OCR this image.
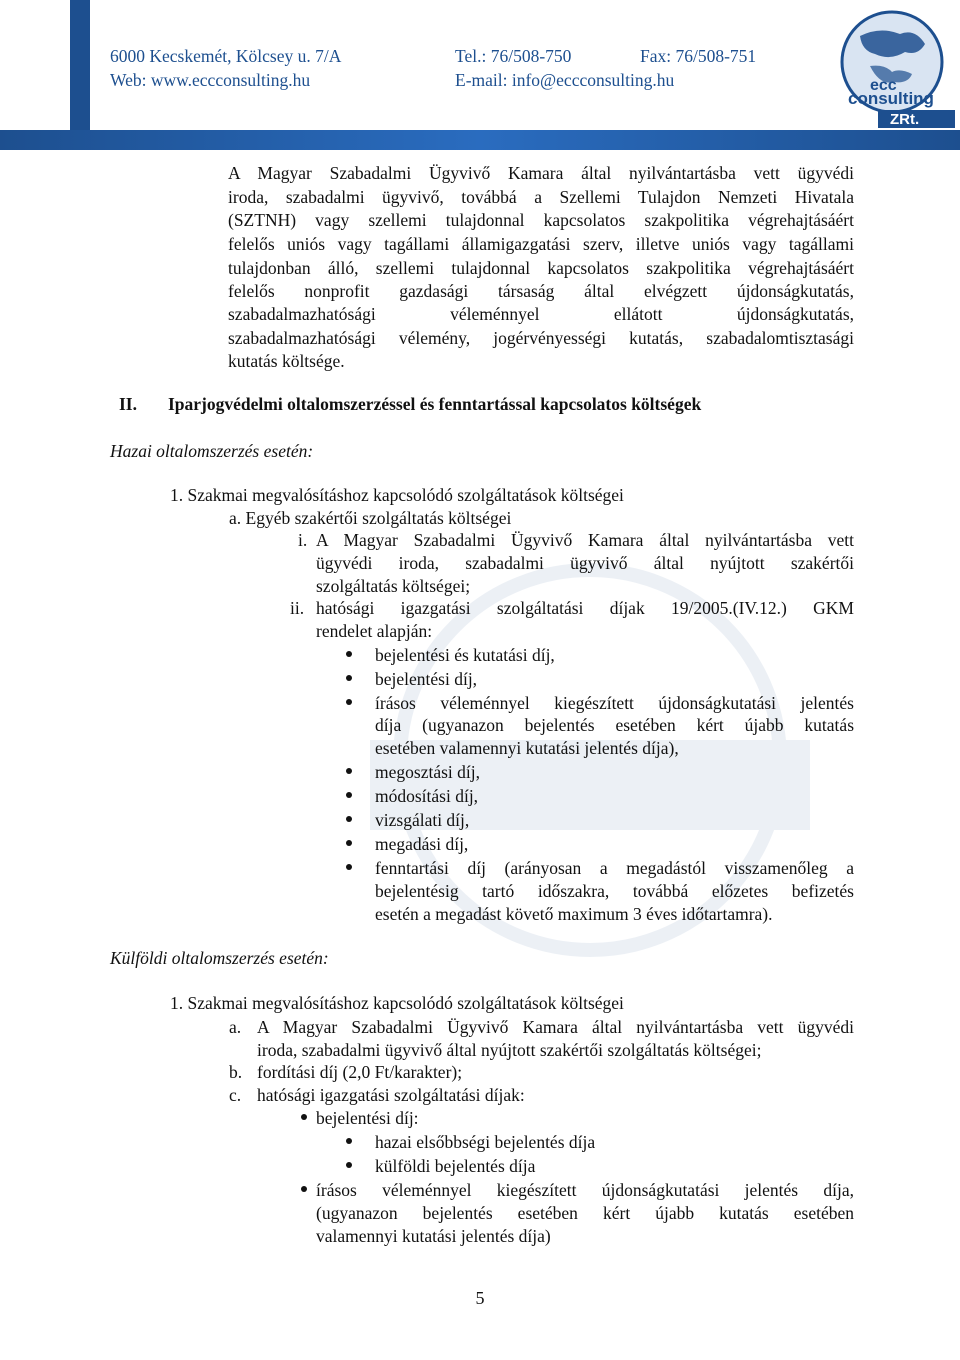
6000 Kecskemét, Kölcsey u. 7/A	Tel.: 76/508-750	Fax: 76/508-751
Web: www.eccconsulting.hu	E-mail: info@eccconsulting.hu	ecc
consulting
ZRt.
A Magyar Szabadalmi Ügyvivő Kamara által nyilvántartásba vett ügyvédi
iroda, szabadalmi ügyvivő, továbbá a Szellemi Tulajdon Nemzeti Hivatala
(SZTNH) vagy szellemi tulajdonnal kapcsolatos szakpolitika végrehajtásáért
felelős uniós vagy tagállami államigazgatási szerv, illetve uniós vagy tagállami
tulajdonban álló, szellemi tulajdonnal kapcsolatos szakpolitika végrehajtásáért
felelős nonprofit gazdasági társaság által elvégzett újdonságkutatás,
szabadalmazhatósági véleménnyel ellátott újdonságkutatás,
szabadalmazhatósági vélemény, jogérvényességi kutatás, szabadalomtisztasági
kutatás költsége.
II. Iparjogvédelmi oltalomszerzéssel és fenntartással kapcsolatos költségek
Hazai oltalomszerzés esetén:
1. Szakmai megvalósításhoz kapcsolódó szolgáltatások költségei
a. Egyéb szakértői szolgáltatás költségei
i. A Magyar Szabadalmi Ügyvivő Kamara által nyilvántartásba vett
ügyvédi iroda, szabadalmi ügyvivő által nyújtott szakértői
szolgáltatás költségei;
ii. hatósági igazgatási szolgáltatási díjak 19/2005.(IV.12.) GKM
rendelet alapján:
bejelentési és kutatási díj,
bejelentési díj,
írásos véleménnyel kiegészített újdonságkutatási jelentés
díja (ugyanazon bejelentés esetében kért újabb kutatás
esetében valamennyi kutatási jelentés díja),
megosztási díj,
módosítási díj,
vizsgálati díj,
megadási díj,
fenntartási díj (arányosan a megadástól visszamenőleg a
bejelentésig tartó időszakra, továbbá előzetes befizetés
esetén a megadást követő maximum 3 éves időtartamra).
Külföldi oltalomszerzés esetén:
1. Szakmai megvalósításhoz kapcsolódó szolgáltatások költségei
a. A Magyar Szabadalmi Ügyvivő Kamara által nyilvántartásba vett ügyvédi
iroda, szabadalmi ügyvivő által nyújtott szakértői szolgáltatás költségei;
b. fordítási díj (2,0 Ft/karakter);
c. hatósági igazgatási szolgáltatási díjak:
bejelentési díj:
hazai elsőbbségi bejelentés díja
külföldi bejelentés díja
írásos véleménnyel kiegészített újdonságkutatási jelentés díja,
(ugyanazon bejelentés esetében kért újabb kutatás esetében
valamennyi kutatási jelentés díja)
5
